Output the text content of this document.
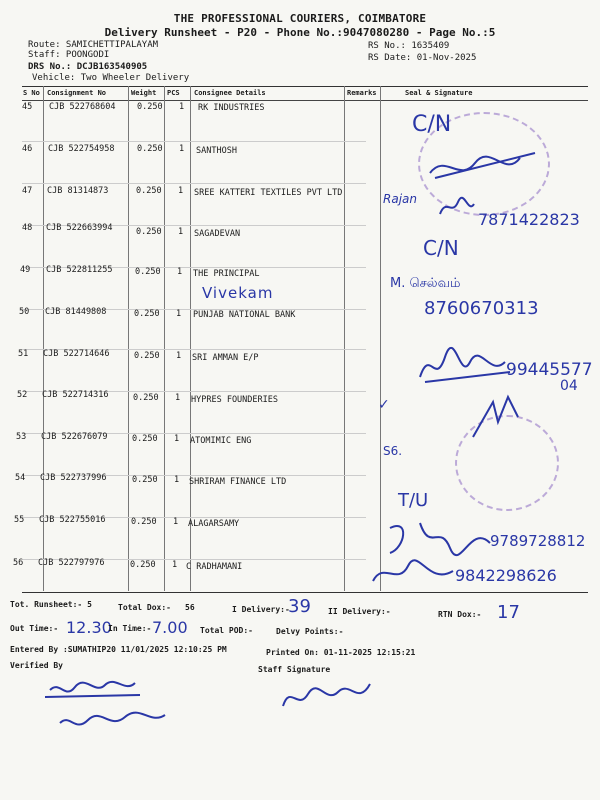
THE PROFESSIONAL COURIERS, COIMBATORE
Delivery Runsheet - P20 - Phone No.:9047080280 - Page No.:5
Route: SAMICHETTIPALAYAM
Staff: POONGODI
DRS No.: DCJB163540905
Vehicle: Two Wheeler Delivery
RS No.: 1635409
RS Date: 01-Nov-2025
S No Consignment No	Weight PCS Consignee Details	Remarks	Seal & Signature
45 CJB 522768604	0.250 1 RK INDUSTRIES
46 CJB 522754958	0.250 1 SANTHOSH
47 CJB 81314873	0.250 1 SREE KATTERI TEXTILES PVT LTD
48 CJB 522663994	0.250 1 SAGADEVAN
49 CJB 522811255	0.250 1 THE PRINCIPAL
50 CJB 81449808	0.250 1 PUNJAB NATIONAL BANK
51 CJB 522714646	0.250 1 SRI AMMAN E/P
52 CJB 522714316	0.250 1 HYPRES FOUNDERIES
53 CJB 522676079	0.250 1 ATOMIMIC ENG
54 CJB 522737996	0.250 1 SHRIRAM FINANCE LTD
55 CJB 522755016	0.250 1 ALAGARSAMY
56 CJB 522797976	0.250 1 C RADHAMANI
C/N
Rajan
7871422823
C/N
Vivekam
M. செல்வம்
8760670313
99445577
04
✓
S6.
T/U
9789728812
9842298626
Tot. Runsheet:- 5	Total Dox:- 56	I Delivery:-
39 II Delivery:-	RTN Dox:- 17
Out Time:- 12.30
In Time:- 7.00 Total POD:-	Delvy Points:-
Entered By :SUMATHIP20 11/01/2025 12:10:25 PM	Printed On: 01-11-2025 12:15:21
Verified By	Staff Signature
